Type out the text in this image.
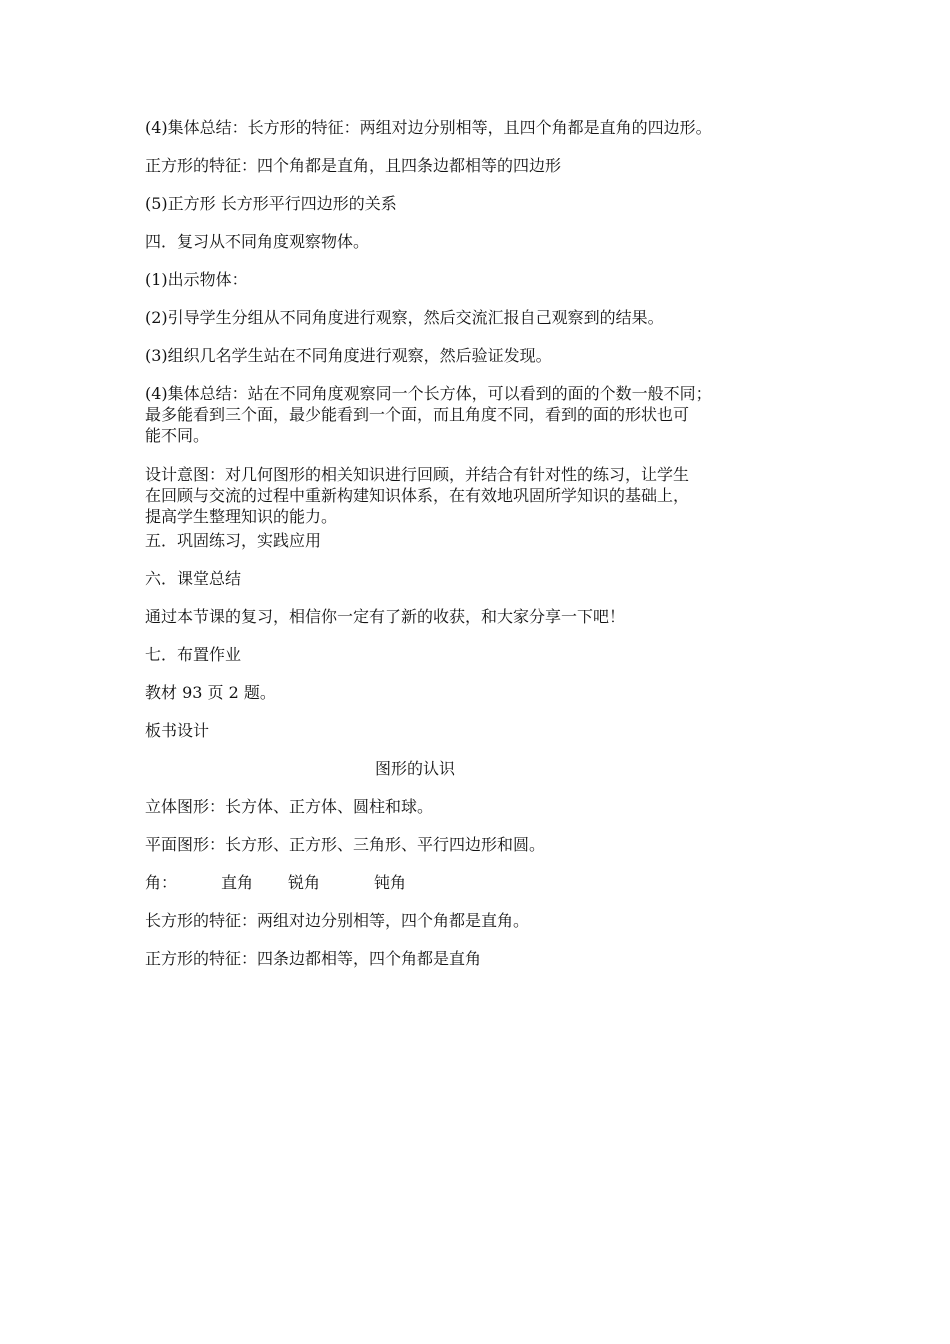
(4)集体总结：长方形的特征：两组对边分别相等，且四个角都是直角的四边形。
正方形的特征：四个角都是直角，且四条边都相等的四边形
(5)正方形 长方形平行四边形的关系
四．复习从不同角度观察物体。
(1)出示物体：
(2)引导学生分组从不同角度进行观察，然后交流汇报自己观察到的结果。
(3)组织几名学生站在不同角度进行观察，然后验证发现。
(4)集体总结：站在不同角度观察同一个长方体，可以看到的面的个数一般不同；
最多能看到三个面，最少能看到一个面，而且角度不同，看到的面的形状也可
能不同。
设计意图：对几何图形的相关知识进行回顾，并结合有针对性的练习，让学生
在回顾与交流的过程中重新构建知识体系，在有效地巩固所学知识的基础上，
提高学生整理知识的能力。
五．巩固练习，实践应用
六．课堂总结
通过本节课的复习，相信你一定有了新的收获，和大家分享一下吧！
七．布置作业
教材 93 页 2 题。
板书设计
图形的认识
立体图形：长方体、正方体、圆柱和球。
平面图形：长方形、正方形、三角形、平行四边形和圆。
角：	直角 锐角	钝角
长方形的特征：两组对边分别相等，四个角都是直角。
正方形的特征：四条边都相等，四个角都是直角
